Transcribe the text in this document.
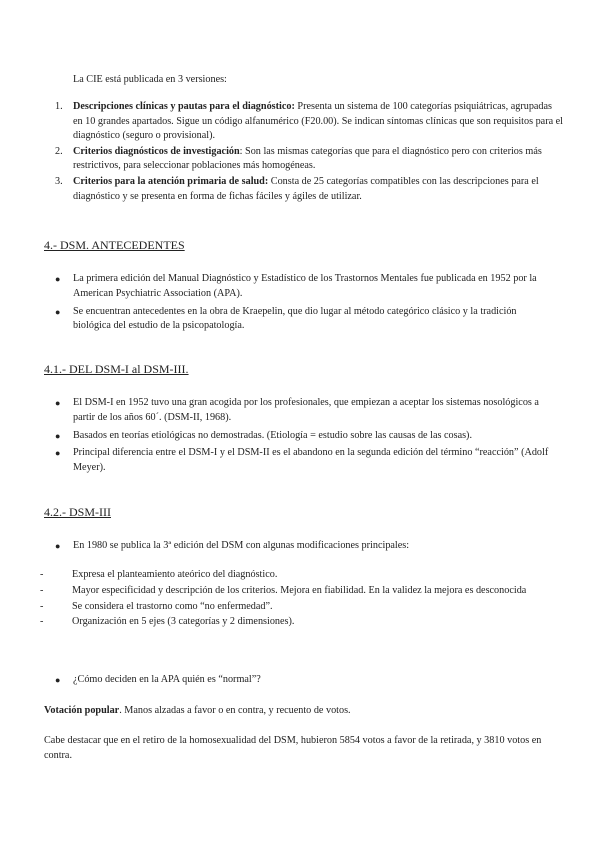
La CIE está publicada en 3 versiones:

1. Descripciones clínicas y pautas para el diagnóstico: Presenta un sistema de 100 categorías psiquiátricas, agrupadas en 10 grandes apartados. Sigue un código alfanumérico (F20.00). Se indican síntomas clínicas que son requisitos para el diagnóstico (seguro o provisional).
2. Criterios diagnósticos de investigación: Son las mismas categorías que para el diagnóstico pero con criterios más restrictivos, para seleccionar poblaciones más homogéneas.
3. Criterios para la atención primaria de salud: Consta de 25 categorías compatibles con las descripciones para el diagnóstico y se presenta en forma de fichas fáciles y ágiles de utilizar.
4.- DSM. ANTECEDENTES
● La primera edición del Manual Diagnóstico y Estadístico de los Trastornos Mentales fue publicada en 1952 por la American Psychiatric Association (APA).
● Se encuentran antecedentes en la obra de Kraepelin, que dio lugar al método categórico clásico y la tradición biológica del estudio de la psicopatología.
4.1.- DEL DSM-I al DSM-III.
● El DSM-I en 1952 tuvo una gran acogida por los profesionales, que empiezan a aceptar los sistemas nosológicos a partir de los años 60´. (DSM-II, 1968).
● Basados en teorías etiológicas no demostradas. (Etiología = estudio sobre las causas de las cosas).
● Principal diferencia entre el DSM-I y el DSM-II es el abandono en la segunda edición del término “reacción” (Adolf Meyer).
4.2.- DSM-III
● En 1980 se publica la 3ª edición del DSM con algunas modificaciones principales:
-	Expresa el planteamiento ateórico del diagnóstico.
-	Mayor especificidad y descripción de los criterios. Mejora en fiabilidad. En la validez la mejora es desconocida
-	Se considera el trastorno como “no enfermedad”.
-	Organización en 5 ejes (3 categorías y 2 dimensiones).
● ¿Cómo deciden en la APA quién es “normal”?

Votación popular. Manos alzadas a favor o en contra, y recuento de votos.

Cabe destacar que en el retiro de la homosexualidad del DSM, hubieron 5854 votos a favor de la retirada, y 3810 votos en contra.
